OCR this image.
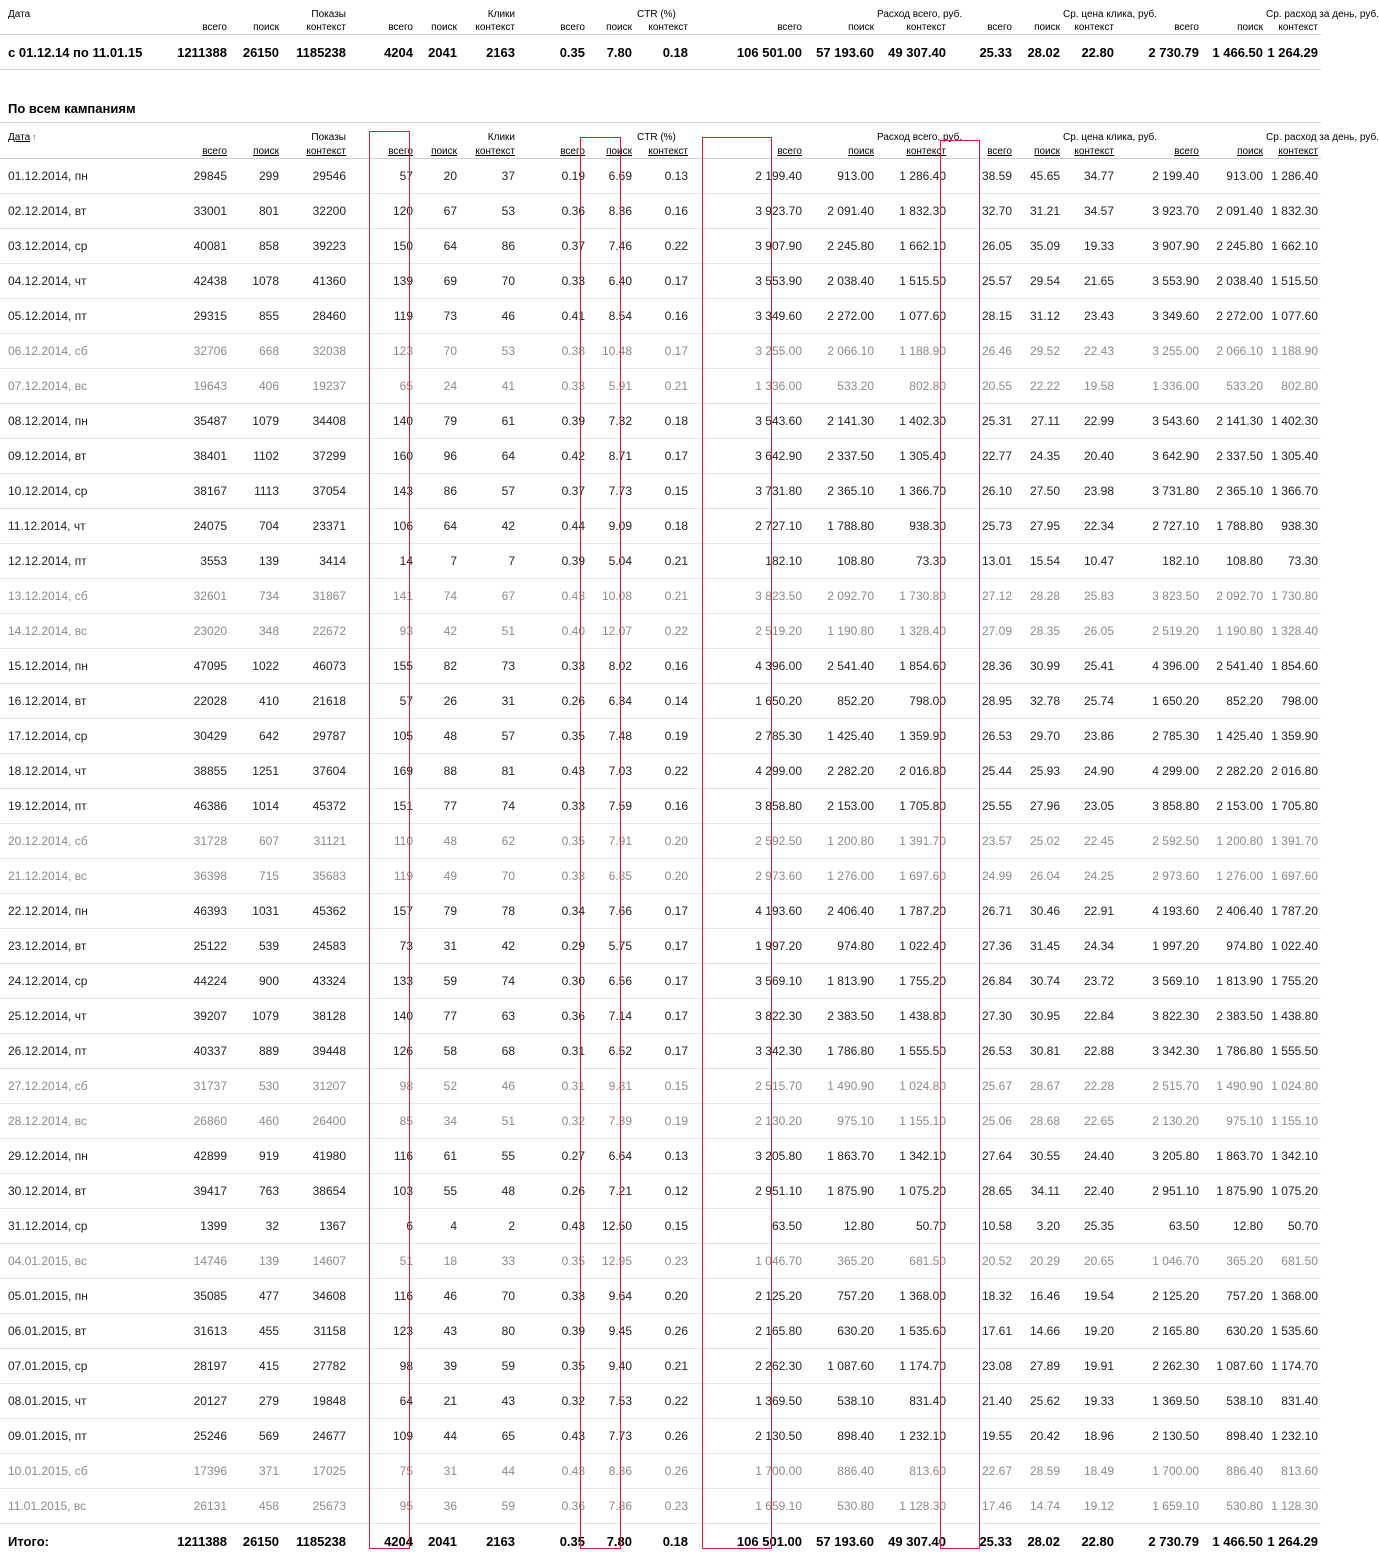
Дата			Показы			Клики			CTR (%)			Расход всего, руб.			Ср. цена клика, руб.			Ср. расход за день, руб.
	всего	поиск	контекст	всего	поиск	контекст	всего	поиск	контекст	всего	поиск	контекст	всего	поиск	контекст	всего	поиск	контекст
с 01.12.14 по 11.01.15	1211388	26150	1185238	4204	2041	2163	0.35	7.80	0.18	106 501.00	57 193.60	49 307.40	25.33	28.02	22.80	2 730.79	1 466.50	1 264.29
По всем кампаниям
Дата ↑			Показы			Клики			CTR (%)			Расход всего, руб.			Ср. цена клика, руб.			Ср. расход за день, руб.
	всего	поиск	контекст	всего	поиск	контекст	всего	поиск	контекст	всего	поиск	контекст	всего	поиск	контекст	всего	поиск	контекст
01.12.2014, пн	29845	299	29546	57	20	37	0.19	6.69	0.13	2 199.40	913.00	1 286.40	38.59	45.65	34.77	2 199.40	913.00	1 286.40
02.12.2014, вт	33001	801	32200	120	67	53	0.36	8.36	0.16	3 923.70	2 091.40	1 832.30	32.70	31.21	34.57	3 923.70	2 091.40	1 832.30
03.12.2014, ср	40081	858	39223	150	64	86	0.37	7.46	0.22	3 907.90	2 245.80	1 662.10	26.05	35.09	19.33	3 907.90	2 245.80	1 662.10
04.12.2014, чт	42438	1078	41360	139	69	70	0.33	6.40	0.17	3 553.90	2 038.40	1 515.50	25.57	29.54	21.65	3 553.90	2 038.40	1 515.50
05.12.2014, пт	29315	855	28460	119	73	46	0.41	8.54	0.16	3 349.60	2 272.00	1 077.60	28.15	31.12	23.43	3 349.60	2 272.00	1 077.60
06.12.2014, сб	32706	668	32038	123	70	53	0.38	10.48	0.17	3 255.00	2 066.10	1 188.90	26.46	29.52	22.43	3 255.00	2 066.10	1 188.90
07.12.2014, вс	19643	406	19237	65	24	41	0.33	5.91	0.21	1 336.00	533.20	802.80	20.55	22.22	19.58	1 336.00	533.20	802.80
08.12.2014, пн	35487	1079	34408	140	79	61	0.39	7.32	0.18	3 543.60	2 141.30	1 402.30	25.31	27.11	22.99	3 543.60	2 141.30	1 402.30
09.12.2014, вт	38401	1102	37299	160	96	64	0.42	8.71	0.17	3 642.90	2 337.50	1 305.40	22.77	24.35	20.40	3 642.90	2 337.50	1 305.40
10.12.2014, ср	38167	1113	37054	143	86	57	0.37	7.73	0.15	3 731.80	2 365.10	1 366.70	26.10	27.50	23.98	3 731.80	2 365.10	1 366.70
11.12.2014, чт	24075	704	23371	106	64	42	0.44	9.09	0.18	2 727.10	1 788.80	938.30	25.73	27.95	22.34	2 727.10	1 788.80	938.30
12.12.2014, пт	3553	139	3414	14	7	7	0.39	5.04	0.21	182.10	108.80	73.30	13.01	15.54	10.47	182.10	108.80	73.30
13.12.2014, сб	32601	734	31867	141	74	67	0.43	10.08	0.21	3 823.50	2 092.70	1 730.80	27.12	28.28	25.83	3 823.50	2 092.70	1 730.80
14.12.2014, вс	23020	348	22672	93	42	51	0.40	12.07	0.22	2 519.20	1 190.80	1 328.40	27.09	28.35	26.05	2 519.20	1 190.80	1 328.40
15.12.2014, пн	47095	1022	46073	155	82	73	0.33	8.02	0.16	4 396.00	2 541.40	1 854.60	28.36	30.99	25.41	4 396.00	2 541.40	1 854.60
16.12.2014, вт	22028	410	21618	57	26	31	0.26	6.34	0.14	1 650.20	852.20	798.00	28.95	32.78	25.74	1 650.20	852.20	798.00
17.12.2014, ср	30429	642	29787	105	48	57	0.35	7.48	0.19	2 785.30	1 425.40	1 359.90	26.53	29.70	23.86	2 785.30	1 425.40	1 359.90
18.12.2014, чт	38855	1251	37604	169	88	81	0.43	7.03	0.22	4 299.00	2 282.20	2 016.80	25.44	25.93	24.90	4 299.00	2 282.20	2 016.80
19.12.2014, пт	46386	1014	45372	151	77	74	0.33	7.59	0.16	3 858.80	2 153.00	1 705.80	25.55	27.96	23.05	3 858.80	2 153.00	1 705.80
20.12.2014, сб	31728	607	31121	110	48	62	0.35	7.91	0.20	2 592.50	1 200.80	1 391.70	23.57	25.02	22.45	2 592.50	1 200.80	1 391.70
21.12.2014, вс	36398	715	35683	119	49	70	0.33	6.85	0.20	2 973.60	1 276.00	1 697.60	24.99	26.04	24.25	2 973.60	1 276.00	1 697.60
22.12.2014, пн	46393	1031	45362	157	79	78	0.34	7.66	0.17	4 193.60	2 406.40	1 787.20	26.71	30.46	22.91	4 193.60	2 406.40	1 787.20
23.12.2014, вт	25122	539	24583	73	31	42	0.29	5.75	0.17	1 997.20	974.80	1 022.40	27.36	31.45	24.34	1 997.20	974.80	1 022.40
24.12.2014, ср	44224	900	43324	133	59	74	0.30	6.56	0.17	3 569.10	1 813.90	1 755.20	26.84	30.74	23.72	3 569.10	1 813.90	1 755.20
25.12.2014, чт	39207	1079	38128	140	77	63	0.36	7.14	0.17	3 822.30	2 383.50	1 438.80	27.30	30.95	22.84	3 822.30	2 383.50	1 438.80
26.12.2014, пт	40337	889	39448	126	58	68	0.31	6.52	0.17	3 342.30	1 786.80	1 555.50	26.53	30.81	22.88	3 342.30	1 786.80	1 555.50
27.12.2014, сб	31737	530	31207	98	52	46	0.31	9.81	0.15	2 515.70	1 490.90	1 024.80	25.67	28.67	22.28	2 515.70	1 490.90	1 024.80
28.12.2014, вс	26860	460	26400	85	34	51	0.32	7.39	0.19	2 130.20	975.10	1 155.10	25.06	28.68	22.65	2 130.20	975.10	1 155.10
29.12.2014, пн	42899	919	41980	116	61	55	0.27	6.64	0.13	3 205.80	1 863.70	1 342.10	27.64	30.55	24.40	3 205.80	1 863.70	1 342.10
30.12.2014, вт	39417	763	38654	103	55	48	0.26	7.21	0.12	2 951.10	1 875.90	1 075.20	28.65	34.11	22.40	2 951.10	1 875.90	1 075.20
31.12.2014, ср	1399	32	1367	6	4	2	0.43	12.50	0.15	63.50	12.80	50.70	10.58	3.20	25.35	63.50	12.80	50.70
04.01.2015, вс	14746	139	14607	51	18	33	0.35	12.95	0.23	1 046.70	365.20	681.50	20.52	20.29	20.65	1 046.70	365.20	681.50
05.01.2015, пн	35085	477	34608	116	46	70	0.33	9.64	0.20	2 125.20	757.20	1 368.00	18.32	16.46	19.54	2 125.20	757.20	1 368.00
06.01.2015, вт	31613	455	31158	123	43	80	0.39	9.45	0.26	2 165.80	630.20	1 535.60	17.61	14.66	19.20	2 165.80	630.20	1 535.60
07.01.2015, ср	28197	415	27782	98	39	59	0.35	9.40	0.21	2 262.30	1 087.60	1 174.70	23.08	27.89	19.91	2 262.30	1 087.60	1 174.70
08.01.2015, чт	20127	279	19848	64	21	43	0.32	7.53	0.22	1 369.50	538.10	831.40	21.40	25.62	19.33	1 369.50	538.10	831.40
09.01.2015, пт	25246	569	24677	109	44	65	0.43	7.73	0.26	2 130.50	898.40	1 232.10	19.55	20.42	18.96	2 130.50	898.40	1 232.10
10.01.2015, сб	17396	371	17025	75	31	44	0.43	8.36	0.26	1 700.00	886.40	813.60	22.67	28.59	18.49	1 700.00	886.40	813.60
11.01.2015, вс	26131	458	25673	95	36	59	0.36	7.86	0.23	1 659.10	530.80	1 128.30	17.46	14.74	19.12	1 659.10	530.80	1 128.30
Итого:	1211388	26150	1185238	4204	2041	2163	0.35	7.80	0.18	106 501.00	57 193.60	49 307.40	25.33	28.02	22.80	2 730.79	1 466.50	1 264.29
